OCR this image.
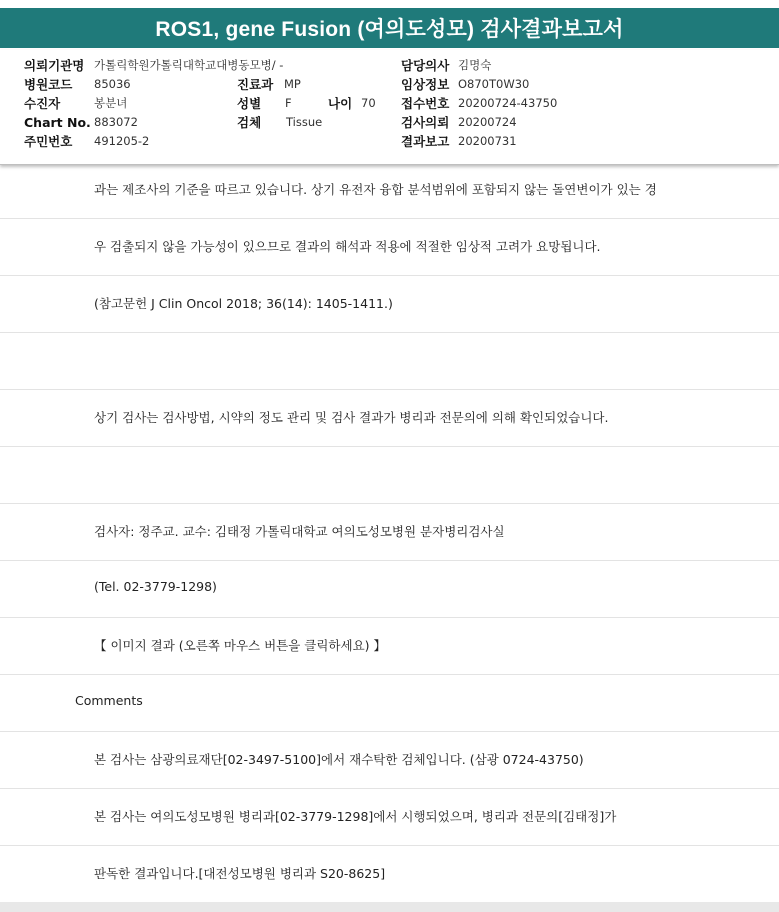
ROS1, gene Fusion (여의도성모) 검사결과보고서
의뢰기관명 가톨릭학원가톨릭대학교대병동모병/ -	담당의사 김명숙
병원코드 85036	진료과 MP	임상정보 O870T0W30
수진자	봉분녀	성별 F	나이 70 접수번호 20200724-43750
Chart No. 883072	검체 Tissue	검사의뢰 20200724
주민번호 491205-2	결과보고 20200731
과는 제조사의 기준을 따르고 있습니다. 상기 유전자 융합 분석범위에 포함되지 않는 돌연변이가 있는 경
우 검출되지 않을 가능성이 있으므로 결과의 해석과 적용에 적절한 임상적 고려가 요망됩니다.
(참고문헌 J Clin Oncol 2018; 36(14): 1405-1411.)
상기 검사는 검사방법, 시약의 정도 관리 및 검사 결과가 병리과 전문의에 의해 확인되었습니다.
검사자: 정주교. 교수: 김태정 가톨릭대학교 여의도성모병원 분자병리검사실
(Tel. 02-3779-1298)
【 이미지 결과 (오른쪽 마우스 버튼을 클릭하세요) 】
Comments
본 검사는 삼광의료재단[02-3497-5100]에서 재수탁한 검체입니다. (삼광 0724-43750)
본 검사는 여의도성모병원 병리과[02-3779-1298]에서 시행되었으며, 병리과 전문의[김태정]가
판독한 결과입니다.[대전성모병원 병리과 S20-8625]
